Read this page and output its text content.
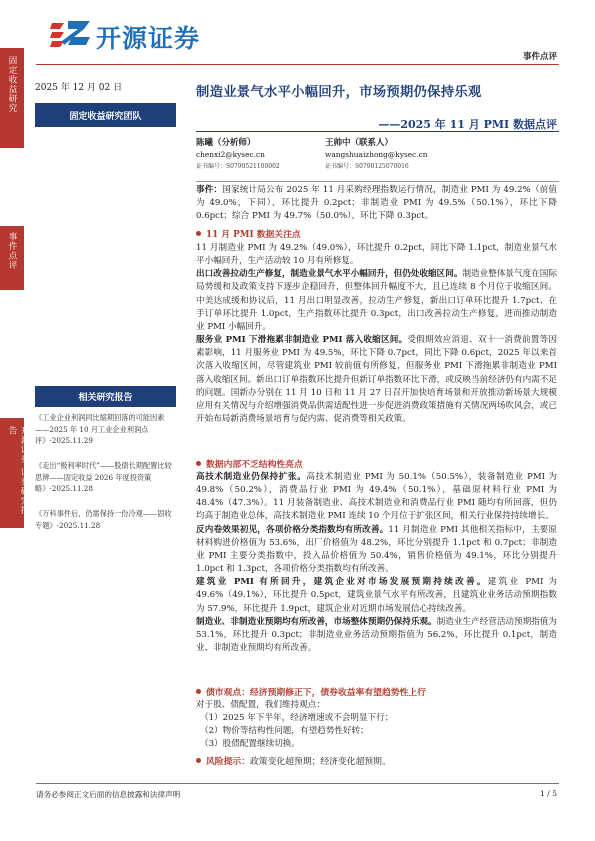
固定收益研究
事件点评
开源证券 证券研究报告
开源证券
事件点评
2025 年 12 月 02 日
固定收益研究团队
相关研究报告
《工业企业利润同比缩期回落的可能因素——2025 年 10 月工业企业利润点评》-2025.11.29
《走出“极利率时代”——股债长期配置比较思辨——固定收益 2026 年度投资策略》-2025.11.28
《万科事件后，仍需保持一份冷观——固收专题》-2025.11.28
制造业景气水平小幅回升，市场预期仍保持乐观
——2025 年 11 月 PMI 数据点评
陈曦（分析师）
chenxi2@kysec.cn
证书编号：S0790521100002
王帅中（联系人）
wangshuaizhong@kysec.cn
证书编号：S0790125070016

事件：国家统计局公布 2025 年 11 月采购经理指数运行情况，制造业 PMI 为 49.2%（前值为 49.0%，下同），环比提升 0.2pct；非制造业 PMI 为 49.5%（50.1%），环比下降 0.6pct；综合 PMI 为 49.7%（50.0%），环比下降 0.3pct。

11 月 PMI 数据关注点

11 月制造业 PMI 为 49.2%（49.0%），环比提升 0.2pct，同比下降 1.1pct，制造业景气水平小幅回升，生产活动较 10 月有所修复。

出口改善拉动生产修复，制造业景气水平小幅回升，但仍处收缩区间。制造业整体景气度在国际局势缓和及政策支持下逐步企稳回升，但整体回升幅度不大，且已连续 8 个月位于收缩区间。中美达成缓和协议后，11 月出口明显改善，拉动生产修复，新出口订单环比提升 1.7pct、在手订单环比提升 1.0pct，生产指数环比提升 0.3pct，出口改善拉动生产修复，进而推动制造业 PMI 小幅回升。

服务业 PMI 下滑拖累非制造业 PMI 落入收缩区间。受假期效应消退、双十一消费前置等因素影响，11 月服务业 PMI 为 49.5%，环比下降 0.7pct，同比下降 0.6pct，2025 年以来首次落入收缩区间，尽管建筑业 PMI 较前值有所修复，但服务业 PMI 下滑拖累非制造业 PMI 落入收缩区间。新出口订单指数环比提升但新订单指数环比下滑，或反映当前经济仍有内需不足的问题。国新办分别在 11 月 10 日和 11 月 27 日召开加快培育场景和开放推动新场景大规模应用有关情况与介绍增强消费品供需适配性进一步促进消费政策措施有关情况两场吹风会，或已开始布局新消费场景培育与促内需、促消费等相关政策。

数据内部不乏结构性亮点

高技术制造业仍保持扩张。高技术制造业 PMI 为 50.1%（50.5%），装备制造业 PMI 为 49.8%（50.2%），消费品行业 PMI 为 49.4%（50.1%），基础原材料行业 PMI 为 48.4%（47.3%）。11 月装备制造业、高技术制造业和消费品行业 PMI 随均有所回落，但仍均高于制造业总体，高技术制造业 PMI 连续 10 个月位于扩张区间，相关行业保持持续增长。

反内卷效果初见，各项价格分类指数均有所改善。11 月制造业 PMI 其他相关指标中，主要原材料购进价格值为 53.6%，出厂价格值为 48.2%，环比分别提升 1.1pct 和 0.7pct；非制造业 PMI 主要分类指数中，投入品价格值为 50.4%，销售价格值为 49.1%，环比分别提升 1.0pct 和 1.3pct，各项价格分类指数均有所改善。

建筑业 PMI 有所回升，建筑企业对市场发展预期持续改善。建筑业 PMI 为 49.6%（49.1%），环比提升 0.5pct，建筑业景气水平有所改善，且建筑业业务活动预期指数为 57.9%，环比提升 1.9pct，建筑企业对近期市场发展信心持续改善。

制造业、非制造业预期均有所改善，市场整体预期仍保持乐观。制造业生产经营活动预期指值为 53.1%，环比提升 0.3pct；非制造业业务活动预期指值为 56.2%，环比提升 0.1pct，制造业、非制造业预期均有所改善。

债市观点：经济预期修正下，债券收益率有望趋势性上行

对于股、债配置，我们维持观点：

（1）2025 年下半年，经济增速或不会明显下行；

（2）物价等结构性问题，有望趋势性好转；

（3）股债配置继续切换。

风险提示：政策变化超预期；经济变化超预期。
请务必参阅正文后面的信息披露和法律声明	1 / 5
